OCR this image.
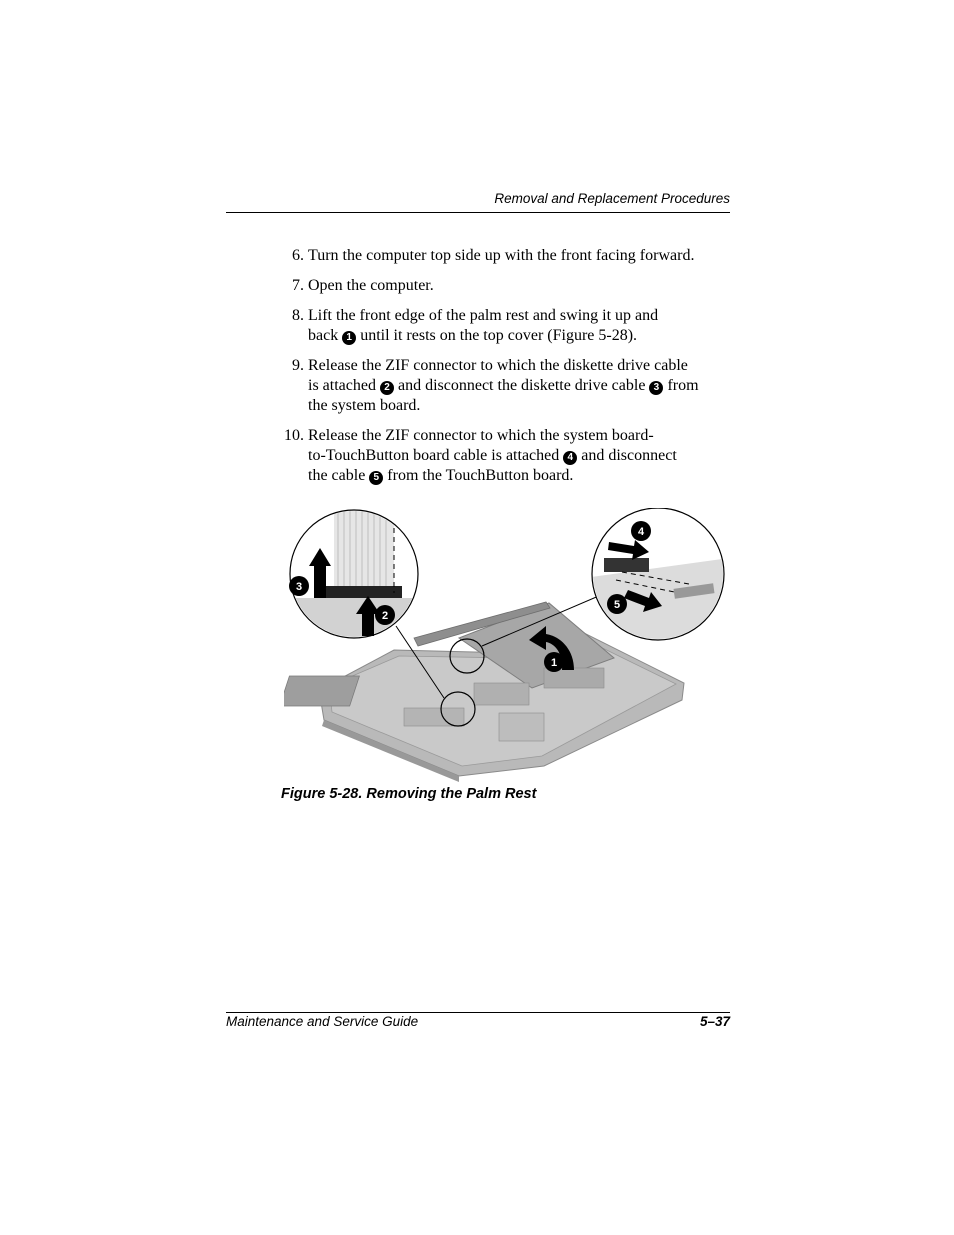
Removal and Replacement Procedures
6. Turn the computer top side up with the front facing forward.
7. Open the computer.
8. Lift the front edge of the palm rest and swing it up and
back 1 until it rests on the top cover (Figure 5-28).
9. Release the ZIF connector to which the diskette drive cable
is attached 2 and disconnect the diskette drive cable 3 from
the system board.
10. Release the ZIF connector to which the system board-
to-TouchButton board cable is attached 4 and disconnect
the cable 5 from the TouchButton board.
3
2
4
5
1
Figure 5-28. Removing the Palm Rest
Maintenance and Service Guide	5–37
